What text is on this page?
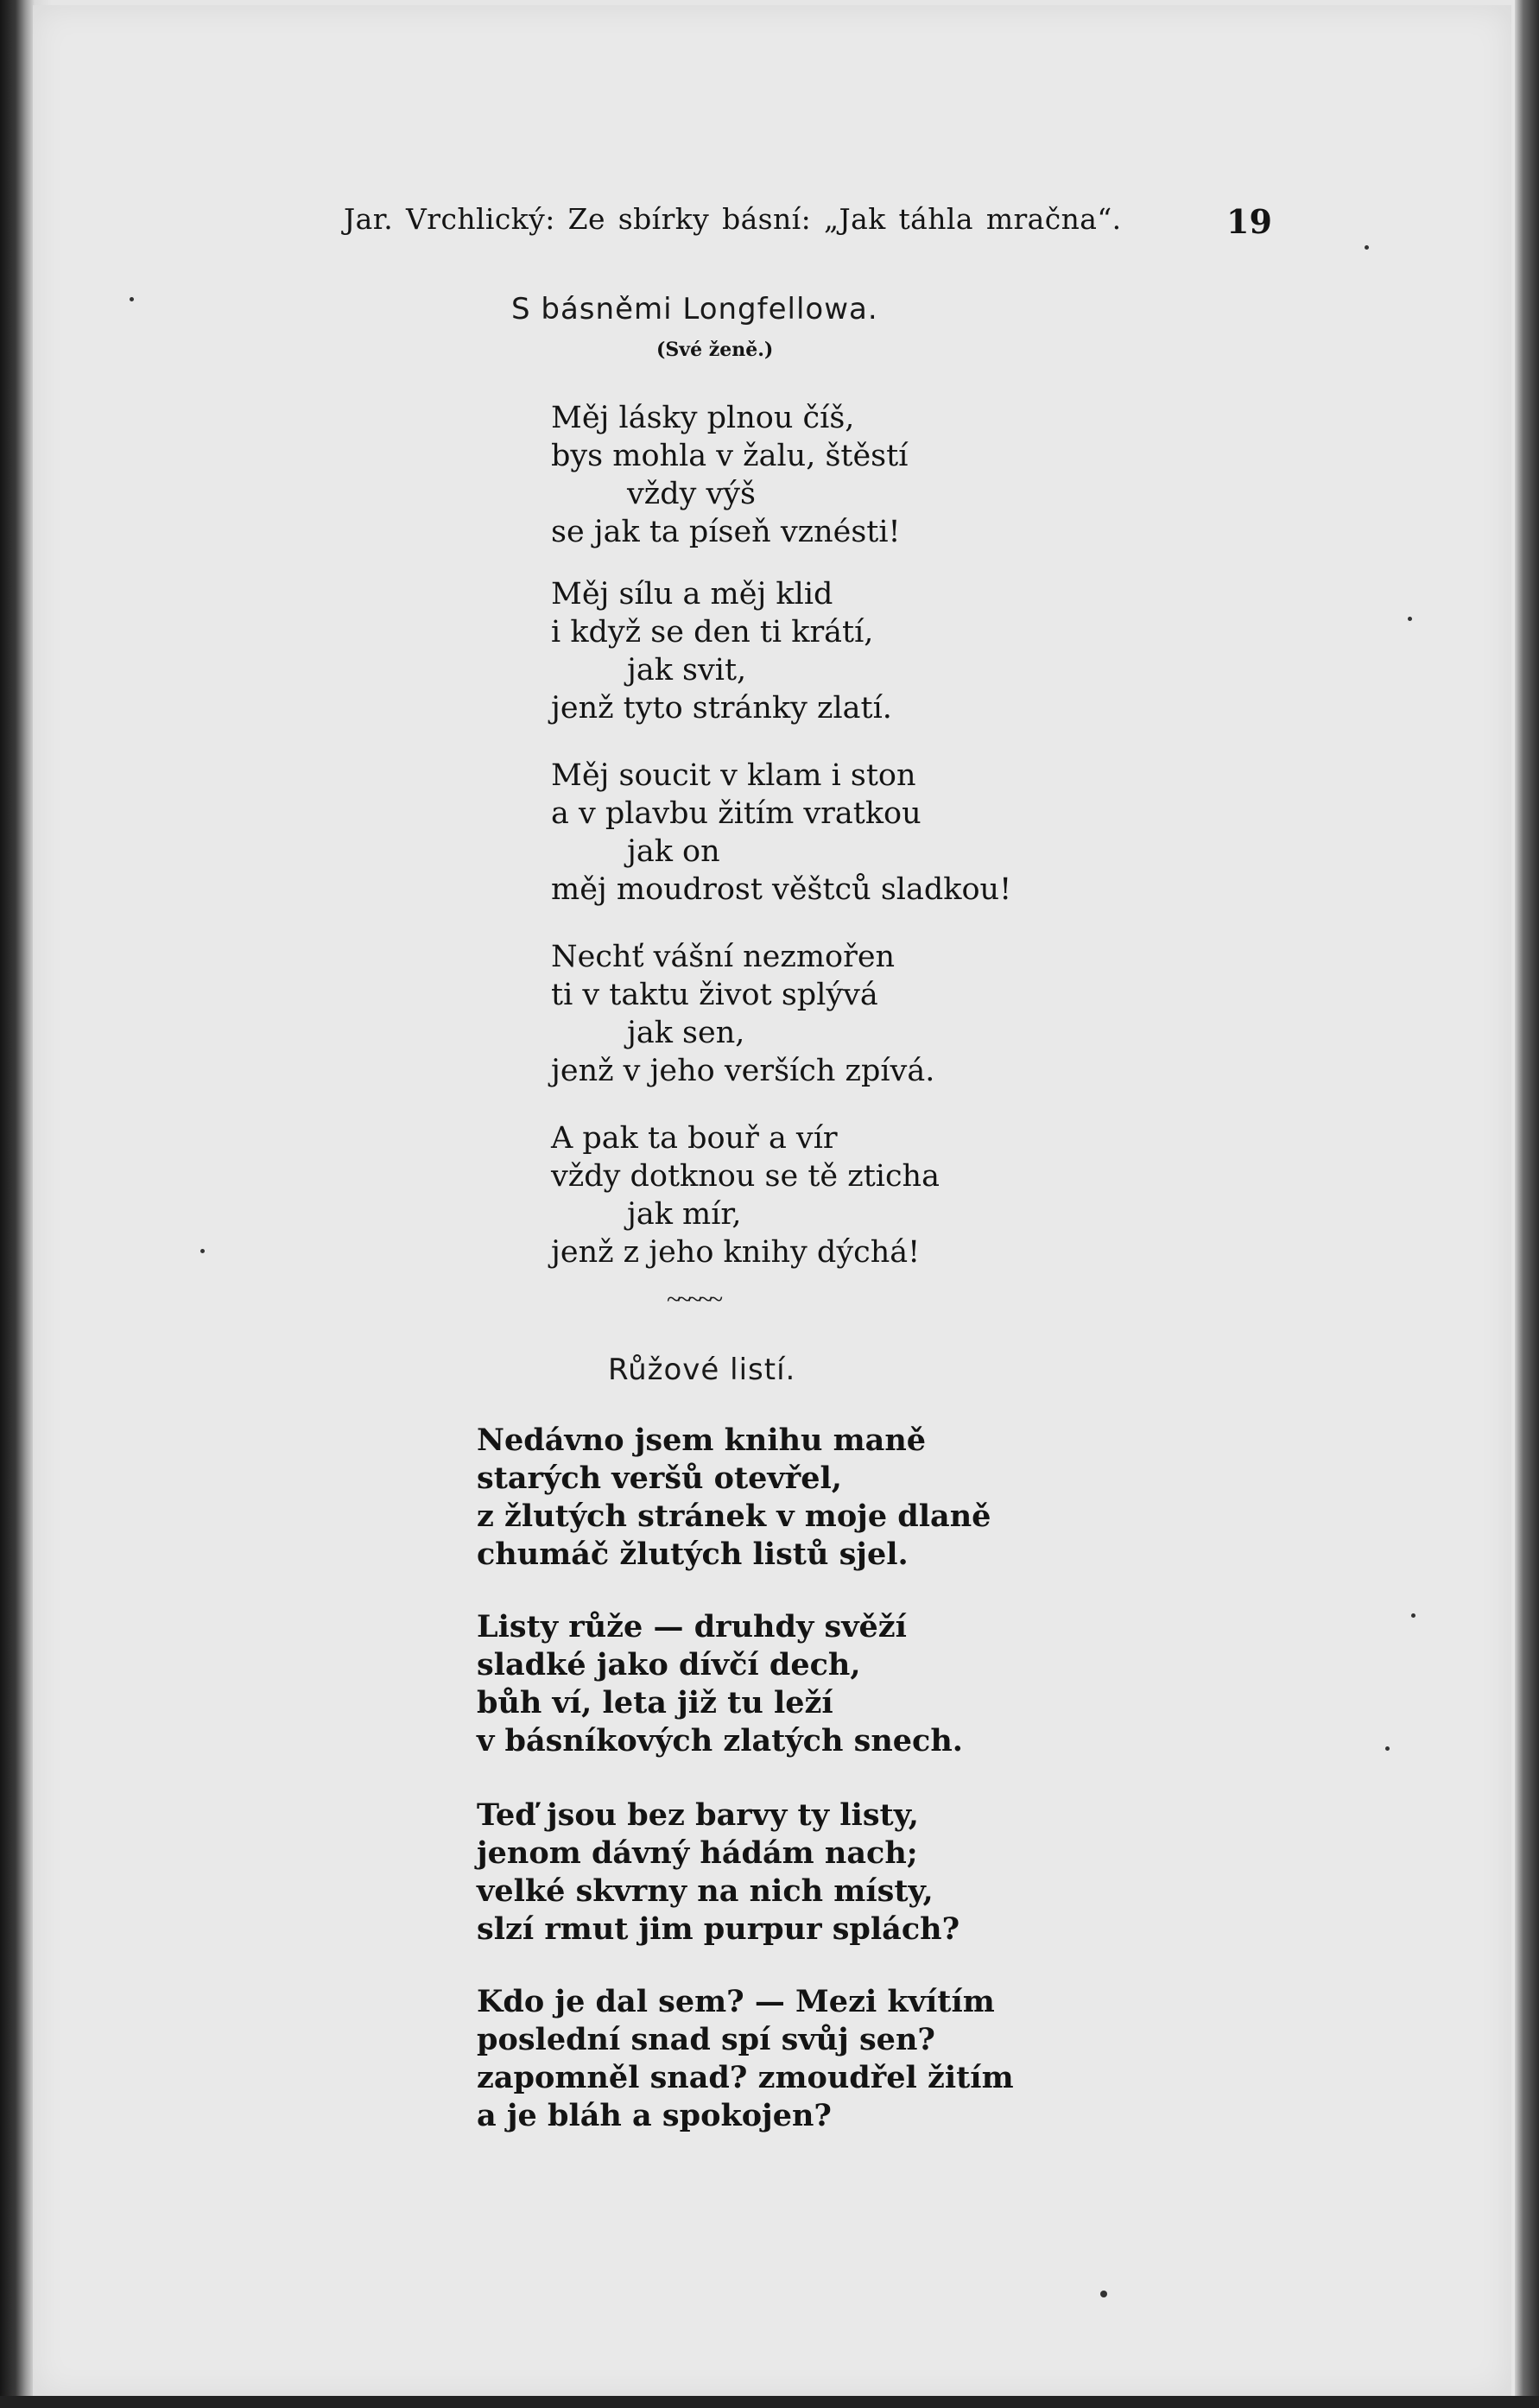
Jar. Vrchlický: Ze sbírky básní: „Jak táhla mračna“.	19
S básněmi Longfellowa.
(Své ženě.)
Měj lásky plnou číš,
bys mohla v žalu, štěstí
vždy výš
se jak ta píseň vznésti!
Měj sílu a měj klid
i když se den ti krátí,
jak svit,
jenž tyto stránky zlatí.
Měj soucit v klam i ston
a v plavbu žitím vratkou
jak on
měj moudrost věštců sladkou!
Nechť vášní nezmořen
ti v taktu život splývá
jak sen,
jenž v jeho verších zpívá.
A pak ta bouř a vír
vždy dotknou se tě zticha
jak mír,
jenž z jeho knihy dýchá!
~~~~~
Růžové listí.
Nedávno jsem knihu maně
starých veršů otevřel,
z žlutých stránek v moje dlaně
chumáč žlutých listů sjel.
Listy růže — druhdy svěží
sladké jako dívčí dech,
bůh ví, leta již tu leží
v básníkových zlatých snech.
Teď jsou bez barvy ty listy,
jenom dávný hádám nach;
velké skvrny na nich místy,
slzí rmut jim purpur splách?
Kdo je dal sem? — Mezi kvítím
poslední snad spí svůj sen?
zapomněl snad? zmoudřel žitím
a je bláh a spokojen?
